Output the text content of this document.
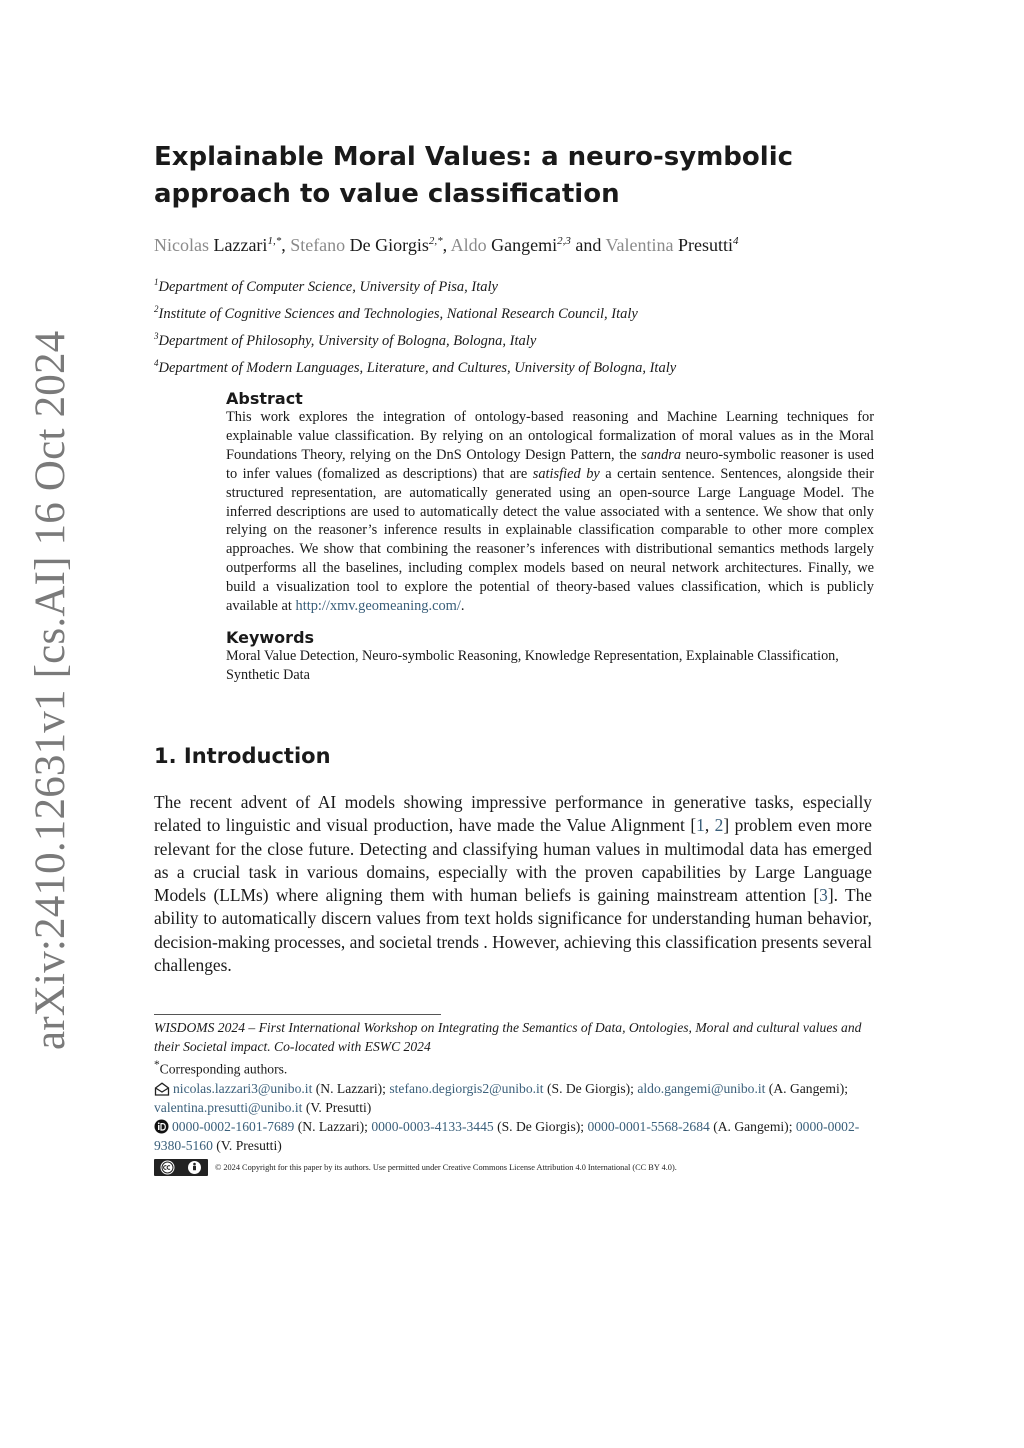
arXiv:2410.12631v1 [cs.AI] 16 Oct 2024
Explainable Moral Values: a neuro-symbolic approach to value classification
Nicolas Lazzari$^{1,*}$, Stefano De Giorgis$^{2,*}$, Aldo Gangemi$^{2,3}$ and Valentina Presutti$^4$
$^1$Department of Computer Science, University of Pisa, Italy
$^2$Institute of Cognitive Sciences and Technologies, National Research Council, Italy
$^3$Department of Philosophy, University of Bologna, Bologna, Italy
$^4$Department of Modern Languages, Literature, and Cultures, University of Bologna, Italy
Abstract

This work explores the integration of ontology-based reasoning and Machine Learning techniques for explainable value classification. By relying on an ontological formalization of moral values as in the Moral Foundations Theory, relying on the DnS Ontology Design Pattern, the sandra neuro-symbolic reasoner is used to infer values (fomalized as descriptions) that are satisfied by a certain sentence. Sentences, alongside their structured representation, are automatically generated using an open-source Large Language Model. The inferred descriptions are used to automatically detect the value associated with a sentence. We show that only relying on the reasoner’s inference results in explainable classification comparable to other more complex approaches. We show that combining the reasoner’s inferences with distributional semantics methods largely outperforms all the baselines, including complex models based on neural network architectures. Finally, we build a visualization tool to explore the potential of theory-based values classification, which is publicly available at http://xmv.geomeaning.com/.

Keywords

Moral Value Detection, Neuro-symbolic Reasoning, Knowledge Representation, Explainable Classification, Synthetic Data

1. Introduction

The recent advent of AI models showing impressive performance in generative tasks, especially related to linguistic and visual production, have made the Value Alignment [1, 2] problem even more relevant for the close future. Detecting and classifying human values in multimodal data has emerged as a crucial task in various domains, especially with the proven capabilities by Large Language Models (LLMs) where aligning them with human beliefs is gaining mainstream attention [3]. The ability to automatically discern values from text holds significance for understanding human behavior, decision-making processes, and societal trends . However, achieving this classification presents several challenges.

WISDOMS 2024 – First International Workshop on Integrating the Semantics of Data, Ontologies, Moral and cultural values and their Societal impact. Co-located with ESWC 2024

*Corresponding authors.

nicolas.lazzari3@unibo.it (N. Lazzari); stefano.degiorgis2@unibo.it (S. De Giorgis); aldo.gangemi@unibo.it (A. Gangemi); valentina.presutti@unibo.it (V. Presutti)

0000-0002-1601-7689 (N. Lazzari); 0000-0003-4133-3445 (S. De Giorgis); 0000-0001-5568-2684 (A. Gangemi); 0000-0002-9380-5160 (V. Presutti)

© 2024 Copyright for this paper by its authors. Use permitted under Creative Commons License Attribution 4.0 International (CC BY 4.0).
